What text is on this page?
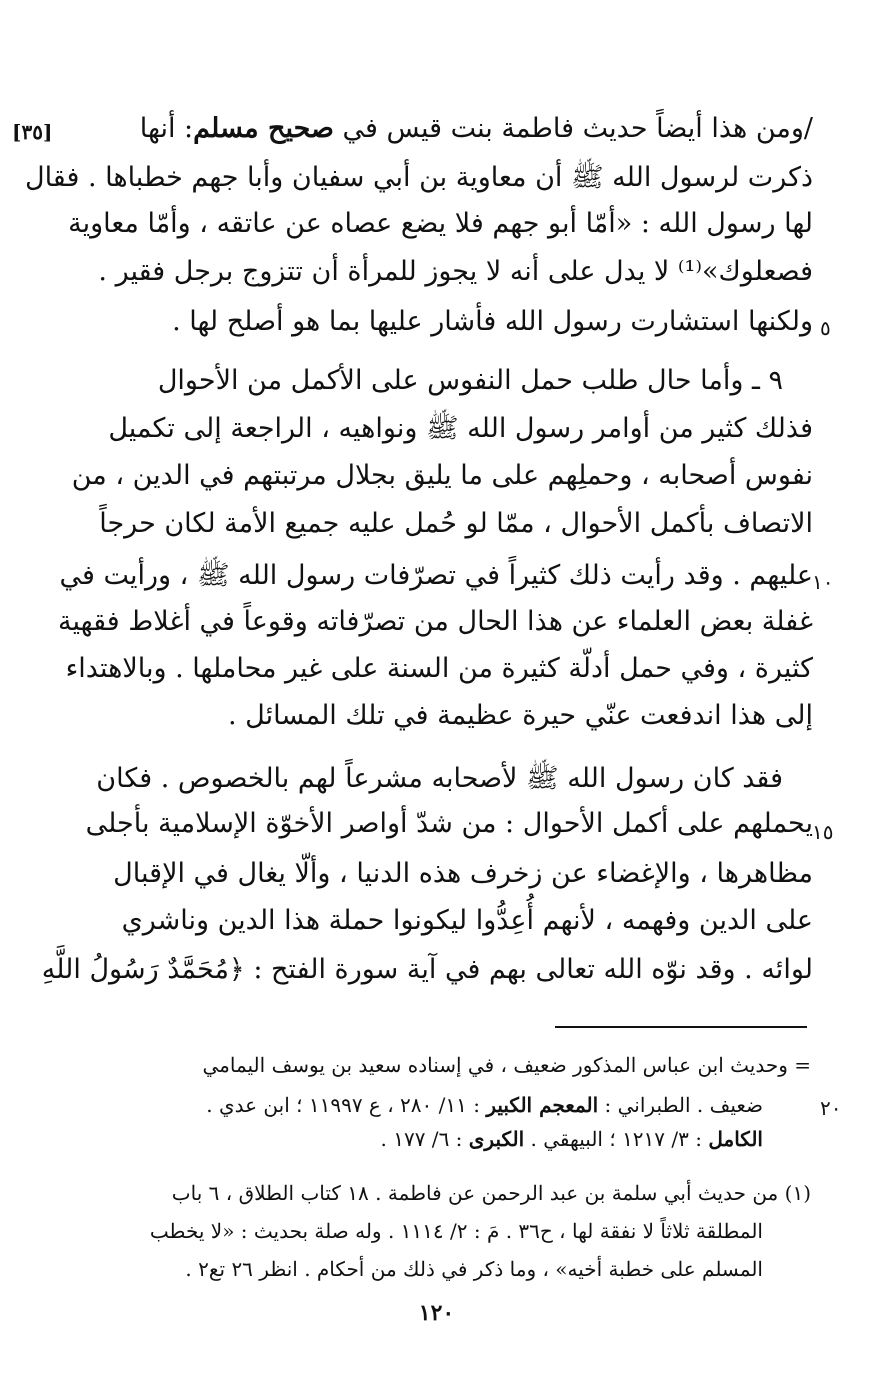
[٣٥]	/ومن هذا أيضاً حديث فاطمة بنت قيس في صحيح مسلم: أنها

ذكرت لرسول الله ﷺ أن معاوية بن أبي سفيان وأبا جهم خطباها . فقال

لها رسول الله : «أمّا أبو جهم فلا يضع عصاه عن عاتقه ، وأمّا معاوية

فصعلوك»⁽¹⁾ لا يدل على أنه لا يجوز للمرأة أن تتزوج برجل فقير .

٥

ولكنها استشارت رسول الله فأشار عليها بما هو أصلح لها .

٩ ـ وأما حال طلب حمل النفوس على الأكمل من الأحوال

فذلك كثير من أوامر رسول الله ﷺ ونواهيه ، الراجعة إلى تكميل

نفوس أصحابه ، وحملِهم على ما يليق بجلال مرتبتهم في الدين ، من

الاتصاف بأكمل الأحوال ، ممّا لو حُمل عليه جميع الأمة لكان حرجاً

١٠

عليهم . وقد رأيت ذلك كثيراً في تصرّفات رسول الله ﷺ ، ورأيت في

غفلة بعض العلماء عن هذا الحال من تصرّفاته وقوعاً في أغلاط فقهية

كثيرة ، وفي حمل أدلّة كثيرة من السنة على غير محاملها . وبالاهتداء

إلى هذا اندفعت عنّي حيرة عظيمة في تلك المسائل .

فقد كان رسول الله ﷺ لأصحابه مشرعاً لهم بالخصوص . فكان

١٥

يحملهم على أكمل الأحوال : من شدّ أواصر الأخوّة الإسلامية بأجلى

مظاهرها ، والإغضاء عن زخرف هذه الدنيا ، وألّا يغال في الإقبال

على الدين وفهمه ، لأنهم أُعِدُّوا ليكونوا حملة هذا الدين وناشري

لوائه . وقد نوّه الله تعالى بهم في آية سورة الفتح : ﴿مُحَمَّدٌ رَسُولُ اللَّهِ

= وحديث ابن عباس المذكور ضعيف ، في إسناده سعيد بن يوسف اليمامي

٢٠

ضعيف . الطبراني : المعجم الكبير : ١١/ ٢٨٠ ، ع ١١٩٩٧ ؛ ابن عدي .

الكامل : ٣/ ١٢١٧ ؛ البيهقي . الكبرى : ٦/ ١٧٧ .

(١) من حديث أبي سلمة بن عبد الرحمن عن فاطمة . ١٨ كتاب الطلاق ، ٦ باب

المطلقة ثلاثاً لا نفقة لها ، ح٣٦ . مَ : ٢/ ١١١٤ . وله صلة بحديث : «لا يخطب

المسلم على خطبة أخيه» ، وما ذكر في ذلك من أحكام . انظر ٢٦ تع٢ .

١٢٠
